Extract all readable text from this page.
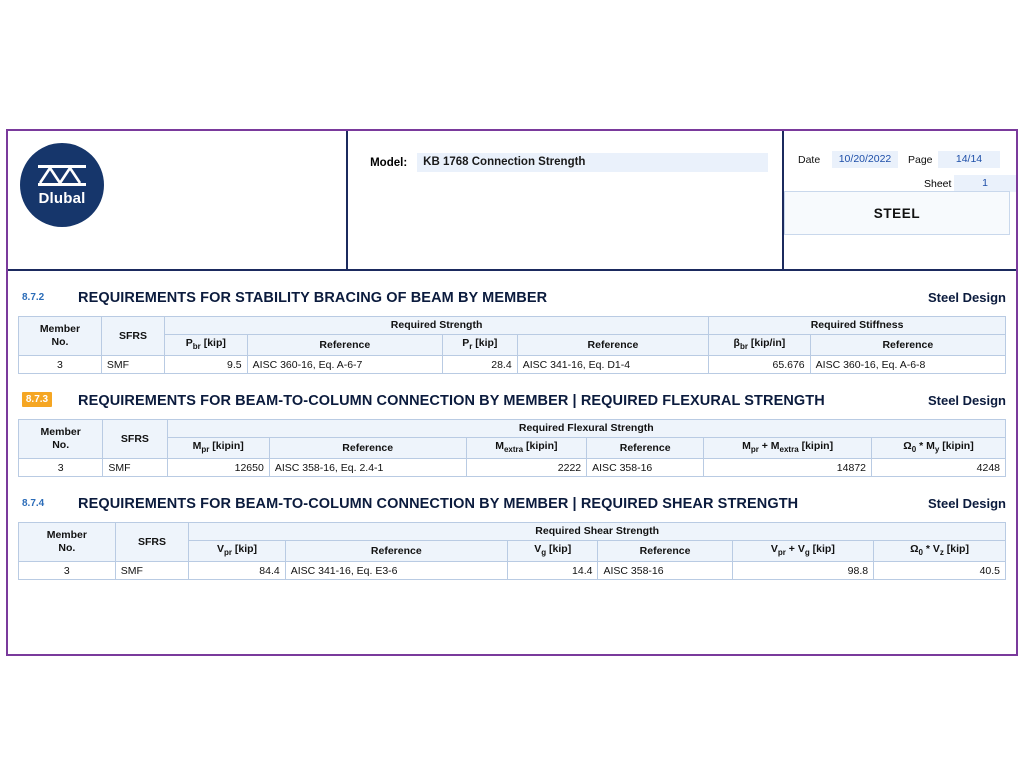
Dlubal
Model:	KB 1768 Connection Strength	Date	10/20/2022	Page	14/14
Sheet	1
STEEL
8.7.2	REQUIREMENTS FOR STABILITY BRACING OF BEAM BY MEMBER	Steel Design
Member
No.	SFRS	Required Strength				Required Stiffness	
		$P_{br}$ [kip]	Reference	$P_r$ [kip]	Reference	$\beta_{br}$ [kip/in]	Reference
3	SMF	9.5	AISC 360-16, Eq. A-6-7	28.4	AISC 341-16, Eq. D1-4	65.676	AISC 360-16, Eq. A-6-8
8.7.3 REQUIREMENTS FOR BEAM-TO-COLUMN CONNECTION BY MEMBER | REQUIRED FLEXURAL STRENGTH	Steel Design
Member
No.	SFRS	Required Flexural Strength					
		$M_{pr}$ [kipin]	Reference	$M_{extra}$ [kipin]	Reference	$M_{pr} + M_{extra}$ [kipin]	$\Omega_0 * M_y$ [kipin]
3	SMF	12650	AISC 358-16, Eq. 2.4-1	2222	AISC 358-16	14872	4248
8.7.4	REQUIREMENTS FOR BEAM-TO-COLUMN CONNECTION BY MEMBER | REQUIRED SHEAR STRENGTH	Steel Design
Member
No.	SFRS	Required Shear Strength					
		$V_{pr}$ [kip]	Reference	$V_g$ [kip]	Reference	$V_{pr} + V_g$ [kip]	$\Omega_0 * V_z$ [kip]
3	SMF	84.4	AISC 341-16, Eq. E3-6	14.4	AISC 358-16	98.8	40.5
